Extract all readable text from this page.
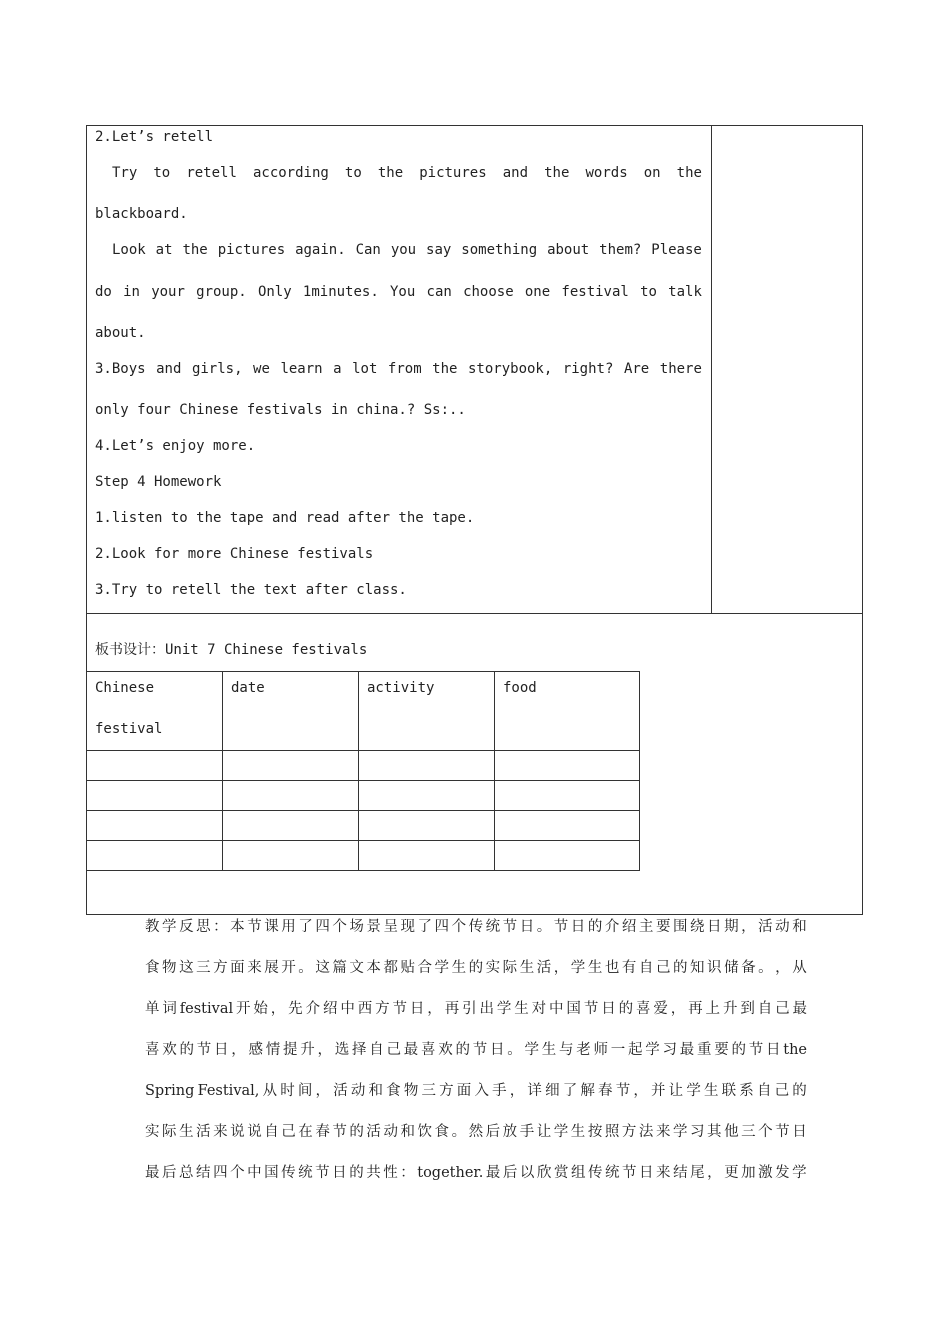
2.Let’s retell
Try to retell according to the pictures and the words on the
blackboard.
Look at the pictures again. Can you say something about them? Please
do in your group. Only 1minutes. You can choose one festival to talk
about.
3.Boys and girls, we learn a lot from the storybook, right? Are there
only four Chinese festivals in china.? Ss:..
4.Let’s enjoy more.
Step 4 Homework
1.listen to the tape and read after the tape.
2.Look for more Chinese festivals
3.Try to retell the text after class.
板书设计：Unit 7 Chinese festivals
Chinese
festival	date	activity	food

教 学 反 思 ： 本 节 课 用 了 四 个 场 景 呈 现 了 四 个 传 统 节 日 。 节 日 的 介 绍 主 要 围 绕 日 期 ， 活 动 和
食 物 这 三 方 面 来 展 开 。 这 篇 文 本 都 贴 合 学 生 的 实 际 生 活 ， 学 生 也 有 自 己 的 知 识 储 备 。 ， 从
单 词 festival 开 始 ， 先 介 绍 中 西 方 节 日 ， 再 引 出 学 生 对 中 国 节 日 的 喜 爱 ， 再 上 升 到 自 己 最
喜 欢 的 节 日 ， 感 情 提 升 ， 选 择 自 己 最 喜 欢 的 节 日 。 学 生 与 老 师 一 起 学 习 最 重 要 的 节 日 the
Spring Festival, 从 时 间 ， 活 动 和 食 物 三 方 面 入 手 ， 详 细 了 解 春 节 ， 并 让 学 生 联 系 自 己 的
实 际 生 活 来 说 说 自 己 在 春 节 的 活 动 和 饮 食 。 然 后 放 手 让 学 生 按 照 方 法 来 学 习 其 他 三 个 节 日
最 后 总 结 四 个 中 国 传 统 节 日 的 共 性 ： together. 最 后 以 欣 赏 组 传 统 节 日 来 结 尾 ， 更 加 激 发 学
